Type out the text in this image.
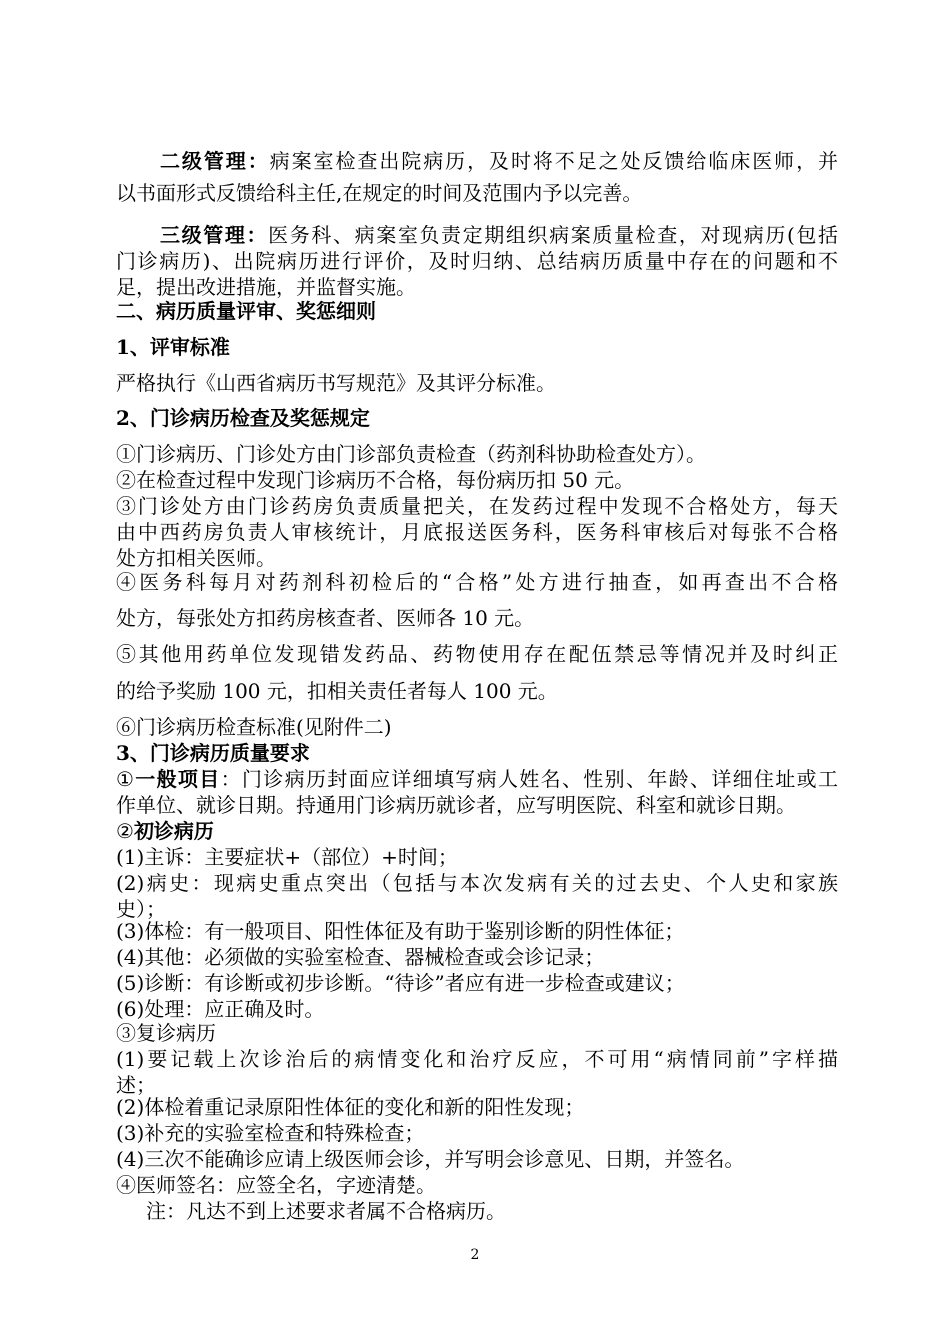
二级管理：病案室检查出院病历，及时将不足之处反馈给临床医师，并
以书面形式反馈给科主任,在规定的时间及范围内予以完善。
三级管理：医务科、病案室负责定期组织病案质量检查，对现病历(包括
门诊病历)、出院病历进行评价，及时归纳、总结病历质量中存在的问题和不
足，提出改进措施，并监督实施。
二、病历质量评审、奖惩细则
1、评审标准
严格执行《山西省病历书写规范》及其评分标准。
2、门诊病历检查及奖惩规定
①门诊病历、门诊处方由门诊部负责检查（药剂科协助检查处方）。
②在检查过程中发现门诊病历不合格，每份病历扣 50 元。
③门诊处方由门诊药房负责质量把关，在发药过程中发现不合格处方，每天
由中西药房负责人审核统计，月底报送医务科，医务科审核后对每张不合格
处方扣相关医师。
④医务科每月对药剂科初检后的“合格”处方进行抽查，如再查出不合格
处方，每张处方扣药房核查者、医师各 10 元。
⑤其他用药单位发现错发药品、药物使用存在配伍禁忌等情况并及时纠正
的给予奖励 100 元，扣相关责任者每人 100 元。
⑥门诊病历检查标准(见附件二)
3、门诊病历质量要求
①一般项目：门诊病历封面应详细填写病人姓名、性别、年龄、详细住址或工
作单位、就诊日期。持通用门诊病历就诊者，应写明医院、科室和就诊日期。
②初诊病历
(1)主诉：主要症状+（部位）+时间；
(2)病史：现病史重点突出（包括与本次发病有关的过去史、个人史和家族
史）；
(3)体检：有一般项目、阳性体征及有助于鉴别诊断的阴性体征；
(4)其他：必须做的实验室检查、器械检查或会诊记录；
(5)诊断：有诊断或初步诊断。“待诊”者应有进一步检查或建议；
(6)处理：应正确及时。
③复诊病历
(1)要记载上次诊治后的病情变化和治疗反应，不可用“病情同前”字样描
述；
(2)体检着重记录原阳性体征的变化和新的阳性发现；
(3)补充的实验室检查和特殊检查；
(4)三次不能确诊应请上级医师会诊，并写明会诊意见、日期，并签名。
④医师签名：应签全名，字迹清楚。
注：凡达不到上述要求者属不合格病历。
2
